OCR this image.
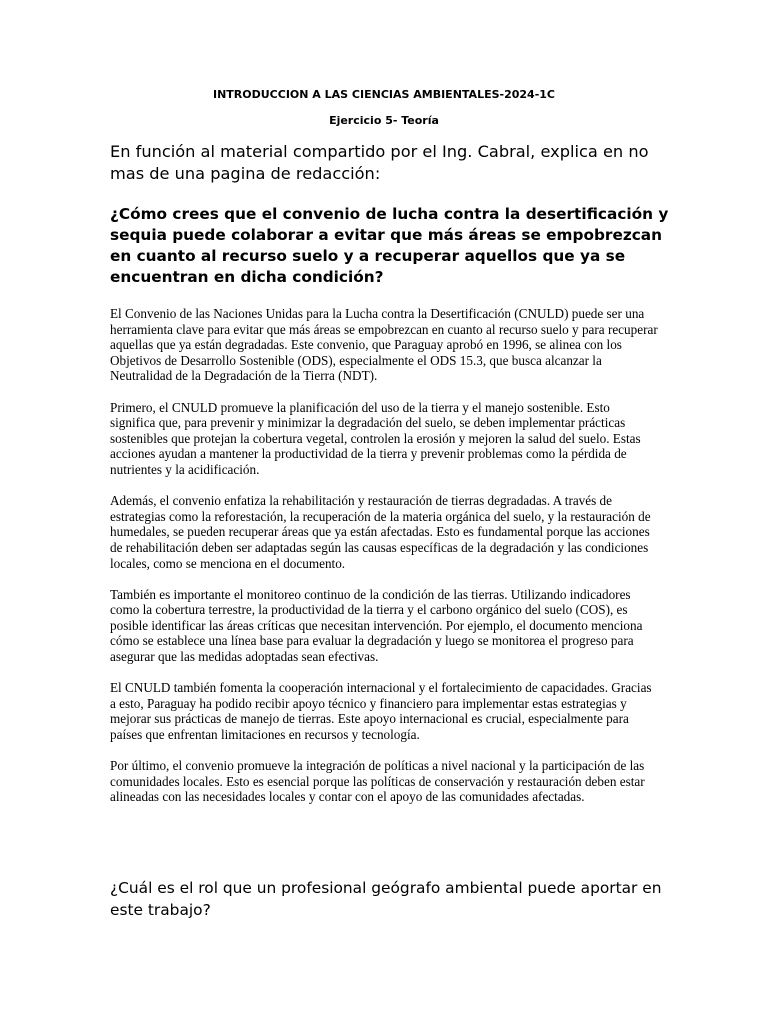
INTRODUCCION A LAS CIENCIAS AMBIENTALES-2024-1C
Ejercicio 5- Teoría
En función al material compartido por el Ing. Cabral, explica en no mas de una pagina de redacción:
¿Cómo crees que el convenio de lucha contra la desertificación y sequia puede colaborar a evitar que más áreas se empobrezcan en cuanto al recurso suelo y a recuperar aquellos que ya se encuentran en dicha condición?

El Convenio de las Naciones Unidas para la Lucha contra la Desertificación (CNULD) puede ser una herramienta clave para evitar que más áreas se empobrezcan en cuanto al recurso suelo y para recuperar aquellas que ya están degradadas. Este convenio, que Paraguay aprobó en 1996, se alinea con los Objetivos de Desarrollo Sostenible (ODS), especialmente el ODS 15.3, que busca alcanzar la Neutralidad de la Degradación de la Tierra (NDT).

Primero, el CNULD promueve la planificación del uso de la tierra y el manejo sostenible. Esto significa que, para prevenir y minimizar la degradación del suelo, se deben implementar prácticas sostenibles que protejan la cobertura vegetal, controlen la erosión y mejoren la salud del suelo. Estas acciones ayudan a mantener la productividad de la tierra y prevenir problemas como la pérdida de nutrientes y la acidificación.

Además, el convenio enfatiza la rehabilitación y restauración de tierras degradadas. A través de estrategias como la reforestación, la recuperación de la materia orgánica del suelo, y la restauración de humedales, se pueden recuperar áreas que ya están afectadas. Esto es fundamental porque las acciones de rehabilitación deben ser adaptadas según las causas específicas de la degradación y las condiciones locales, como se menciona en el documento.

También es importante el monitoreo continuo de la condición de las tierras. Utilizando indicadores como la cobertura terrestre, la productividad de la tierra y el carbono orgánico del suelo (COS), es posible identificar las áreas críticas que necesitan intervención. Por ejemplo, el documento menciona cómo se establece una línea base para evaluar la degradación y luego se monitorea el progreso para asegurar que las medidas adoptadas sean efectivas.

El CNULD también fomenta la cooperación internacional y el fortalecimiento de capacidades. Gracias a esto, Paraguay ha podido recibir apoyo técnico y financiero para implementar estas estrategias y mejorar sus prácticas de manejo de tierras. Este apoyo internacional es crucial, especialmente para países que enfrentan limitaciones en recursos y tecnología.

Por último, el convenio promueve la integración de políticas a nivel nacional y la participación de las comunidades locales. Esto es esencial porque las políticas de conservación y restauración deben estar alineadas con las necesidades locales y contar con el apoyo de las comunidades afectadas.

¿Cuál es el rol que un profesional geógrafo ambiental puede aportar en este trabajo?
